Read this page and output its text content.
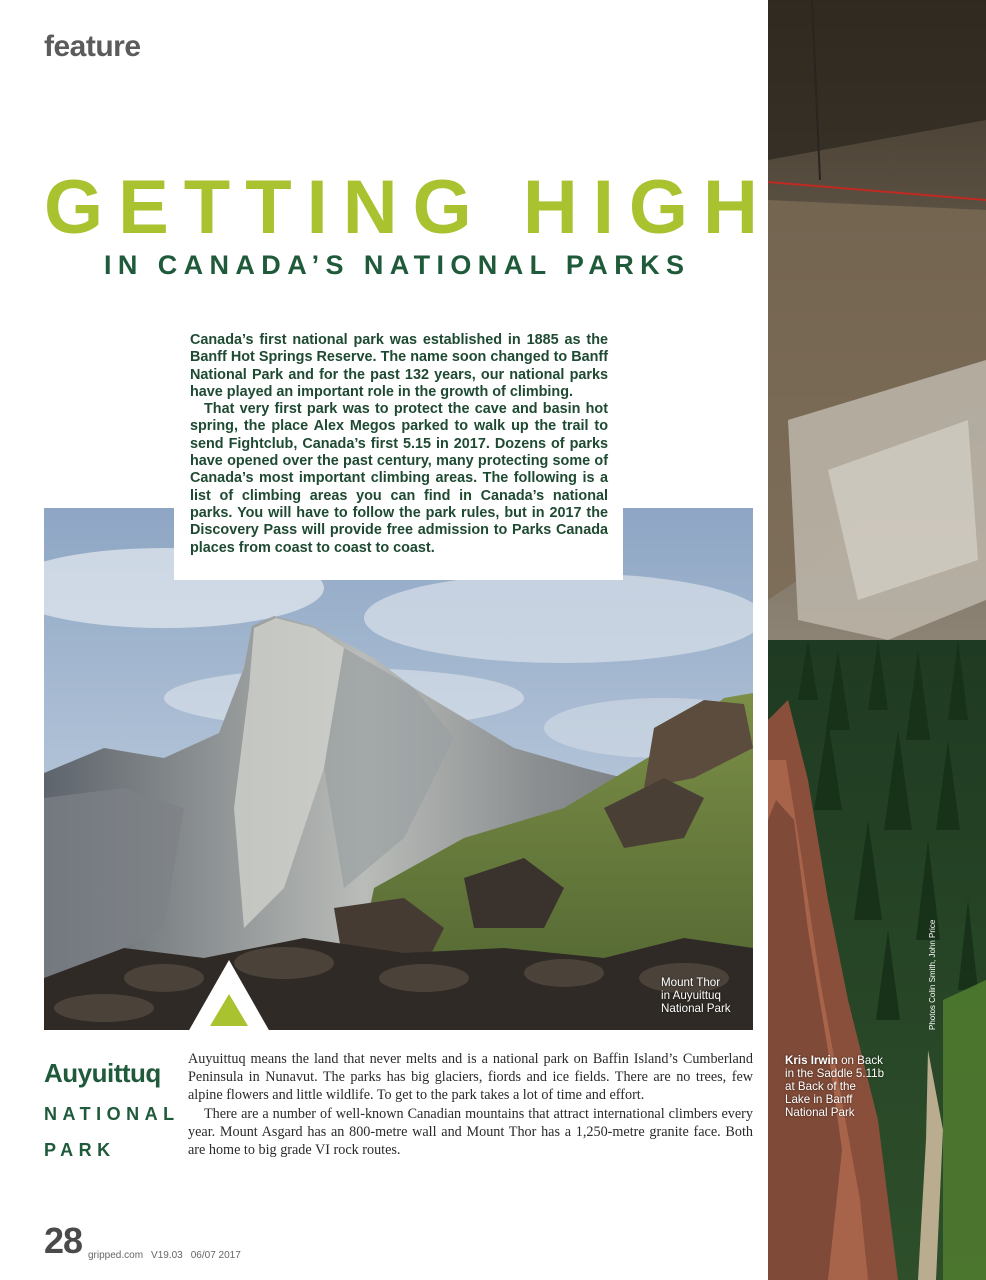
feature
Kris Irwin on Back
in the Saddle 5.11b
at Back of the
Lake in Banff
National Park
Photos Colin Smith, John Price
GETTING HIGH
IN CANADA’S NATIONAL PARKS
Mount Thor
in Auyuittuq
National Park

Canada’s first national park was established in 1885 as the Banff Hot Springs Reserve. The name soon changed to Banff National Park and for the past 132 years, our national parks have played an important role in the growth of climbing.

That very first park was to protect the cave and basin hot spring, the place Alex Megos parked to walk up the trail to send Fightclub, Canada’s first 5.15 in 2017. Dozens of parks have opened over the past century, many protecting some of Canada’s most important climbing areas. The following is a list of climbing areas you can find in Canada’s national parks. You will have to follow the park rules, but in 2017 the Discovery Pass will provide free admission to Parks Canada places from coast to coast to coast.

Auyuittuq
NATIONAL
PARK

Auyuittuq means the land that never melts and is a national park on Baffin Island’s Cumberland Peninsula in Nunavut. The parks has big glaciers, fiords and ice fields. There are no trees, few alpine flowers and little wildlife. To get to the park takes a lot of time and effort.

There are a number of well-known Canadian mountains that attract international climbers every year. Mount Asgard has an 800-metre wall and Mount Thor has a 1,250-metre granite face. Both are home to big grade VI rock routes.

28 gripped.com V19.03 06/07 2017
